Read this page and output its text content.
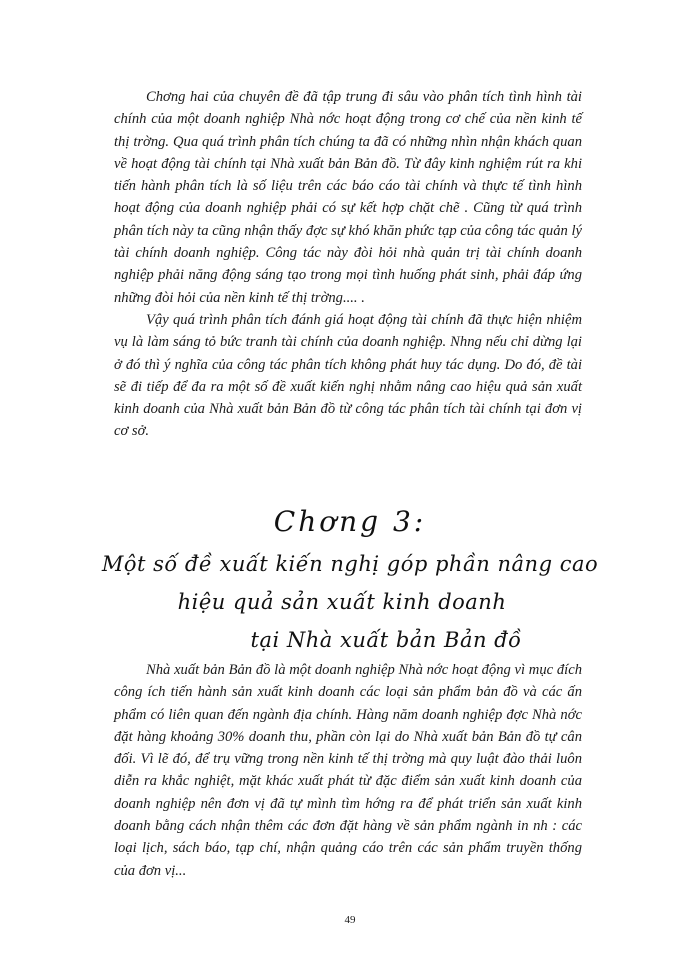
Chơng hai của chuyên đề đã tập trung đi sâu vào phân tích tình hình tài chính của một doanh nghiệp Nhà nớc hoạt động trong cơ chế của nền kinh tế thị trờng. Qua quá trình phân tích chúng ta đã có những nhìn nhận khách quan về hoạt động tài chính tại Nhà xuất bản Bản đồ. Từ đây kinh nghiệm rút ra khi tiến hành phân tích là số liệu trên các báo cáo tài chính và thực tế tình hình hoạt động của doanh nghiệp phải có sự kết hợp chặt chẽ . Cũng từ quá trình phân tích này ta cũng nhận thấy đợc sự khó khăn phức tạp của công tác quản lý tài chính doanh nghiệp. Công tác này đòi hỏi nhà quản trị tài chính doanh nghiệp phải năng động sáng tạo trong mọi tình huống phát sinh, phải đáp ứng những đòi hỏi của nền kinh tế thị trờng.... .

Vậy quá trình phân tích đánh giá hoạt động tài chính đã thực hiện nhiệm vụ là làm sáng tỏ bức tranh tài chính của doanh nghiệp. Nhng nếu chỉ dừng lại ở đó thì ý nghĩa của công tác phân tích không phát huy tác dụng. Do đó, đề tài sẽ đi tiếp để đa ra một số đề xuất kiến nghị nhằm nâng cao hiệu quả sản xuất kinh doanh của Nhà xuất bản Bản đồ từ công tác phân tích tài chính tại đơn vị cơ sở.

Chơng 3:
Một số đề xuất kiến nghị góp phần nâng cao
hiệu quả sản xuất kinh doanh
tại Nhà xuất bản Bản đồ

Nhà xuất bản Bản đồ là một doanh nghiệp Nhà nớc hoạt động vì mục đích công ích tiến hành sản xuất kinh doanh các loại sản phẩm bản đồ và các ấn phẩm có liên quan đến ngành địa chính. Hàng năm doanh nghiệp đợc Nhà nớc đặt hàng khoảng 30% doanh thu, phần còn lại do Nhà xuất bản Bản đồ tự cân đối. Vì lẽ đó, để trụ vững trong nền kinh tế thị trờng mà quy luật đào thải luôn diễn ra khắc nghiệt, mặt khác xuất phát từ đặc điểm sản xuất kinh doanh của doanh nghiệp nên đơn vị đã tự mình tìm hớng ra để phát triển sản xuất kinh doanh bằng cách nhận thêm các đơn đặt hàng về sản phẩm ngành in nh : các loại lịch, sách báo, tạp chí, nhận quảng cáo trên các sản phẩm truyền thống của đơn vị...

49
